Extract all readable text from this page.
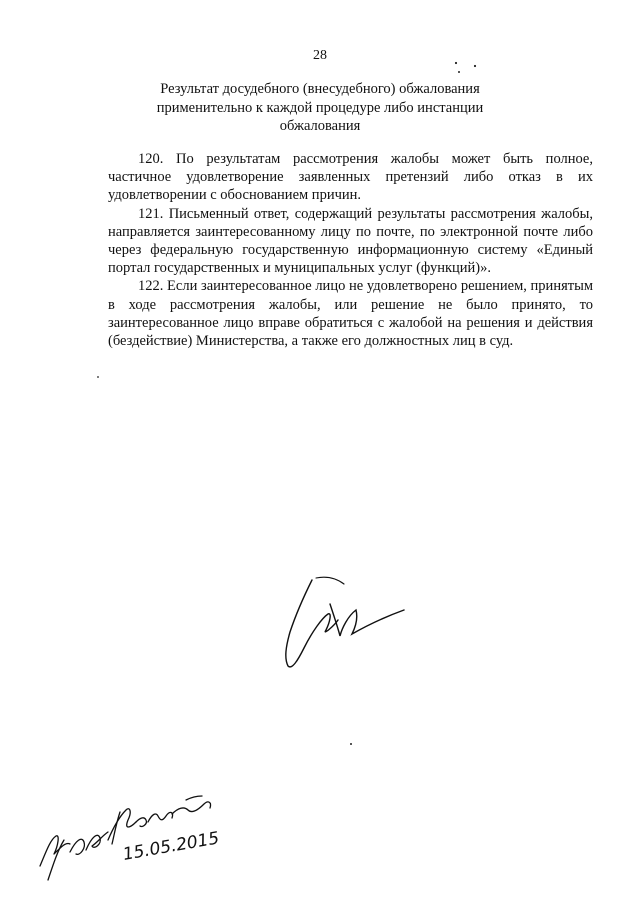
28
Результат досудебного (внесудебного) обжалования
применительно к каждой процедуре либо инстанции
обжалования

120. По результатам рассмотрения жалобы может быть полное, частичное удовлетворение заявленных претензий либо отказ в их удовлетворении с обоснованием причин.

121. Письменный ответ, содержащий результаты рассмотрения жалобы, направляется заинтересованному лицу по почте, по электронной почте либо через федеральную государственную информационную систему «Единый портал государственных и муниципальных услуг (функций)».

122. Если заинтересованное лицо не удовлетворено решением, принятым в ходе рассмотрения жалобы, или решение не было принято, то заинтересованное лицо вправе обратиться с жалобой на решения и действия (бездействие) Министерства, а также его должностных лиц в суд.

15.05.2015
